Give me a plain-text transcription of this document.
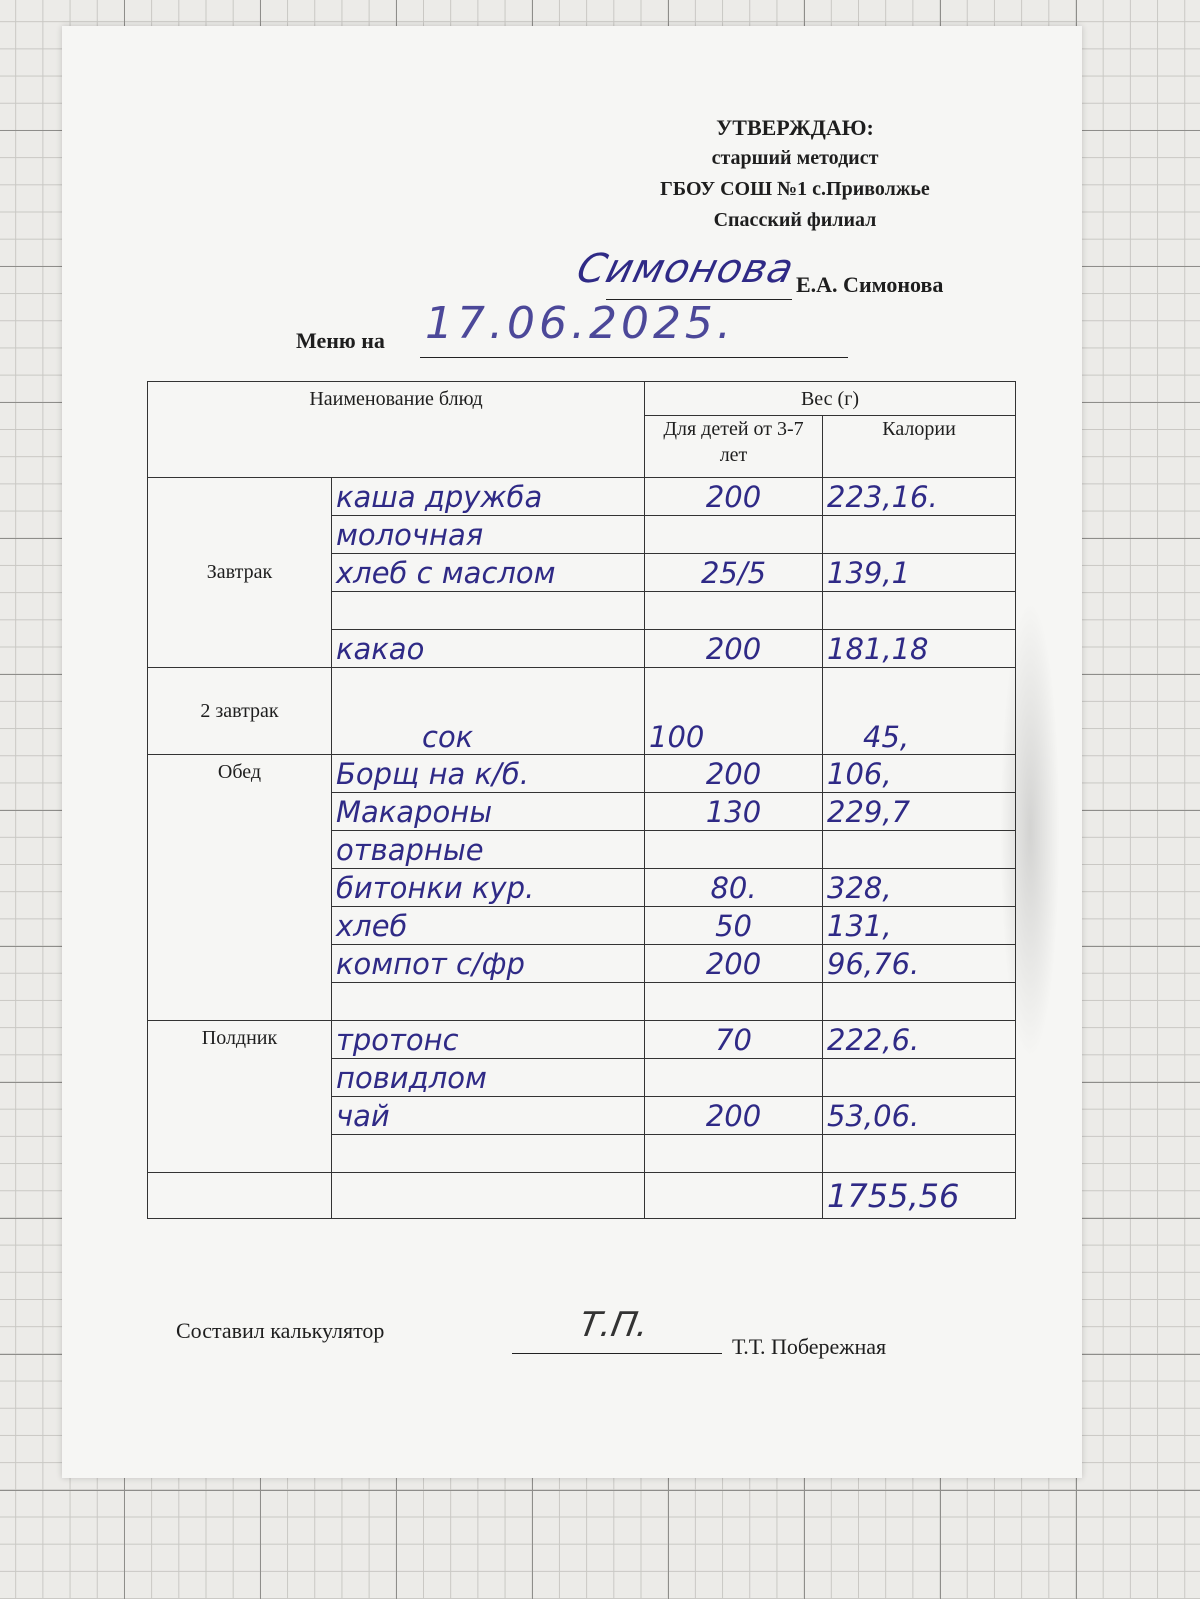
УТВЕРЖДАЮ:
старший методист
ГБОУ СОШ №1 с.Приволжье
Спасский филиал
Симонова
Е.А. Симонова
Меню на 17.06.2025.
Наименование блюд		Вес (г)	
		Для детей от 3-7 лет	Калории
Завтрак	каша дружба	200	223,16.
	молочная		
	хлеб с маслом	25/5	139,1

	какао	200	181,18
2 завтрак	сок	100	45,
Обед	Борщ на к/б.	200	106,
	Макароны	130	229,7
	отварные		
	битонки кур.	80.	328,
	хлеб	50	131,
	компот с/фр	200	96,76.

Полдник	тротонс	70	222,6.
	повидлом		
	чай	200	53,06.

			1755,56
Составил калькулятор	Т.П.
Т.Т. Побережная
